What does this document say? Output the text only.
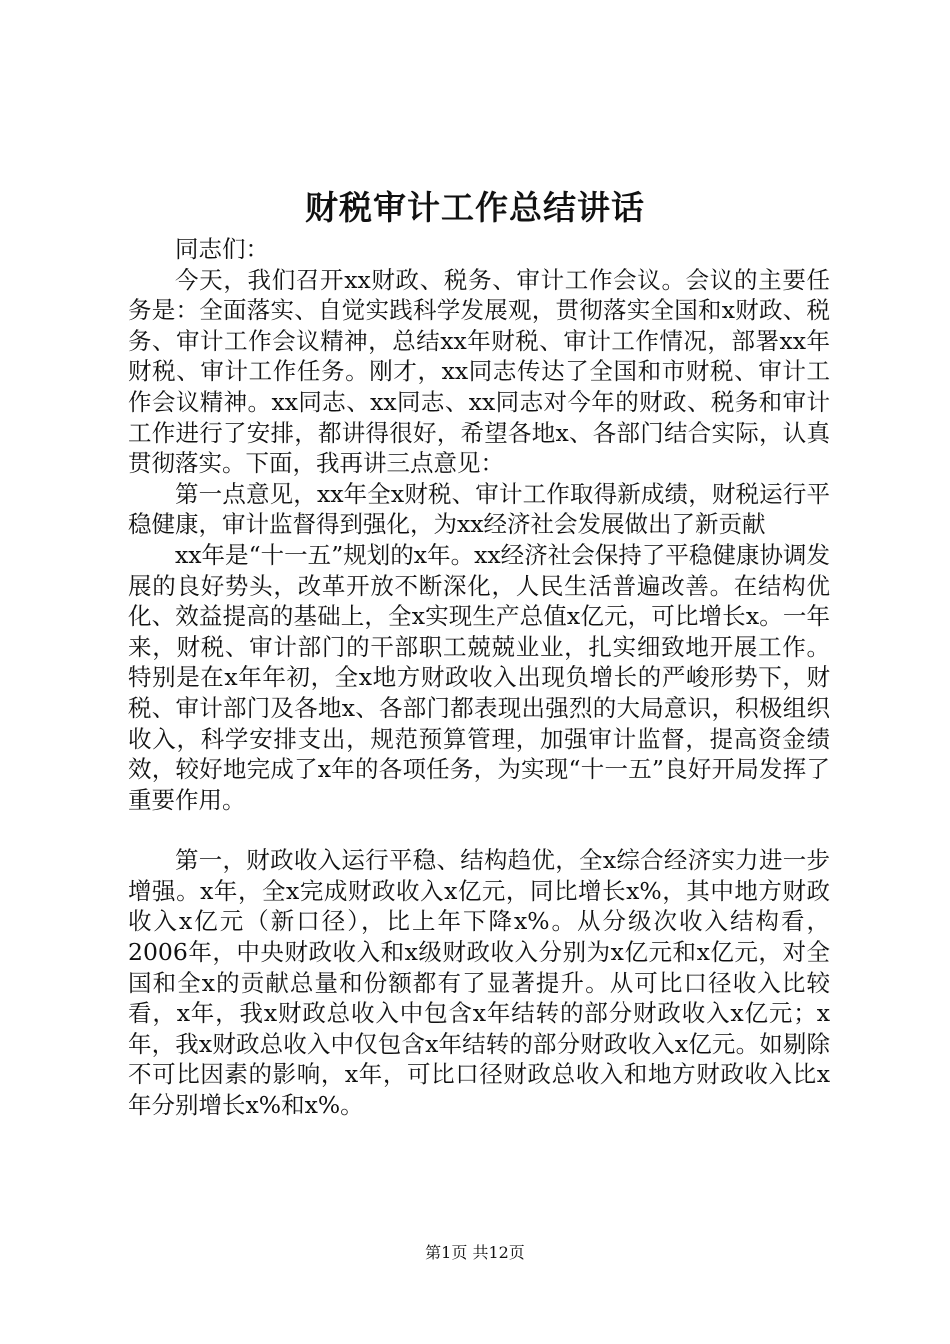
财税审计工作总结讲话

同志们：

今天，我们召开xx财政、税务、审计工作会议。会议的主要任务是：全面落实、自觉实践科学发展观，贯彻落实全国和x财政、税务、审计工作会议精神，总结xx年财税、审计工作情况，部署xx年财税、审计工作任务。刚才，xx同志传达了全国和市财税、审计工作会议精神。xx同志、xx同志、xx同志对今年的财政、税务和审计工作进行了安排，都讲得很好，希望各地x、各部门结合实际，认真贯彻落实。下面，我再讲三点意见：

第一点意见，xx年全x财税、审计工作取得新成绩，财税运行平稳健康，审计监督得到强化，为xx经济社会发展做出了新贡献

xx年是“十一五”规划的x年。xx经济社会保持了平稳健康协调发展的良好势头，改革开放不断深化，人民生活普遍改善。在结构优化、效益提高的基础上，全x实现生产总值x亿元，可比增长x。一年来，财税、审计部门的干部职工兢兢业业，扎实细致地开展工作。特别是在x年年初，全x地方财政收入出现负增长的严峻形势下，财税、审计部门及各地x、各部门都表现出强烈的大局意识，积极组织收入，科学安排支出，规范预算管理，加强审计监督，提高资金绩效，较好地完成了x年的各项任务，为实现“十一五”良好开局发挥了重要作用。

第一，财政收入运行平稳、结构趋优，全x综合经济实力进一步增强。x年，全x完成财政收入x亿元，同比增长x%，其中地方财政收入x亿元（新口径），比上年下降x%。从分级次收入结构看，2006年，中央财政收入和x级财政收入分别为x亿元和x亿元，对全国和全x的贡献总量和份额都有了显著提升。从可比口径收入比较看，x年，我x财政总收入中包含x年结转的部分财政收入x亿元；x年，我x财政总收入中仅包含x年结转的部分财政收入x亿元。如剔除不可比因素的影响，x年，可比口径财政总收入和地方财政收入比x年分别增长x%和x%。

第1页 共12页
